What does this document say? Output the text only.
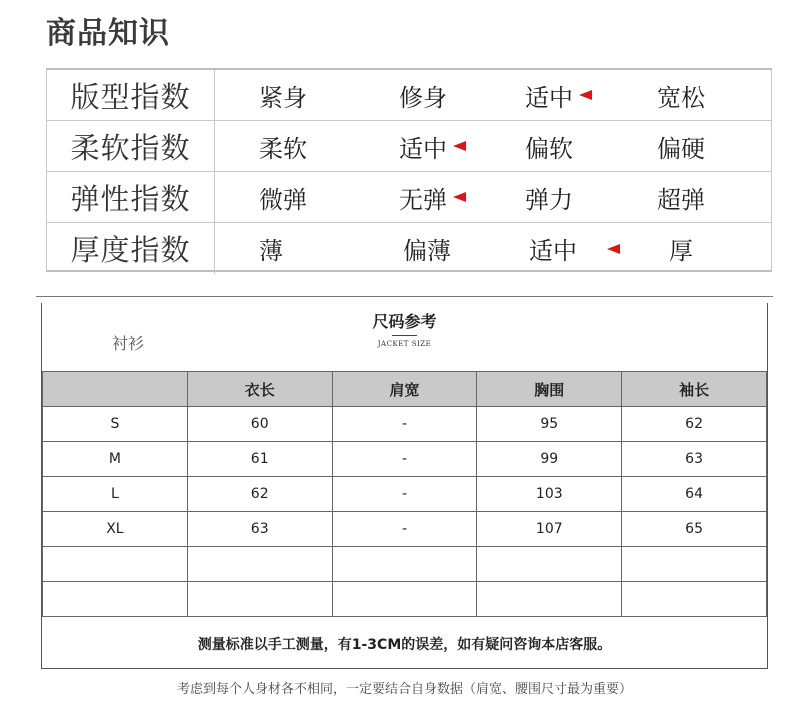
商品知识
版型指数	紧身	修身	适中	宽松
柔软指数	柔软	适中	偏软	偏硬
弹性指数	微弹	无弹	弹力	超弹
厚度指数	薄	偏薄	适中	厚
尺码参考
JACKET SIZE
衬衫
	衣长	肩宽	胸围	袖长
S	60	-	95	62
M	61	-	99	63
L	62	-	103	64
XL	63	-	107	65

测量标准以手工测量，有1-3CM的误差，如有疑问咨询本店客服。
考虑到每个人身材各不相同，一定要结合自身数据（肩宽、腰围尺寸最为重要）
